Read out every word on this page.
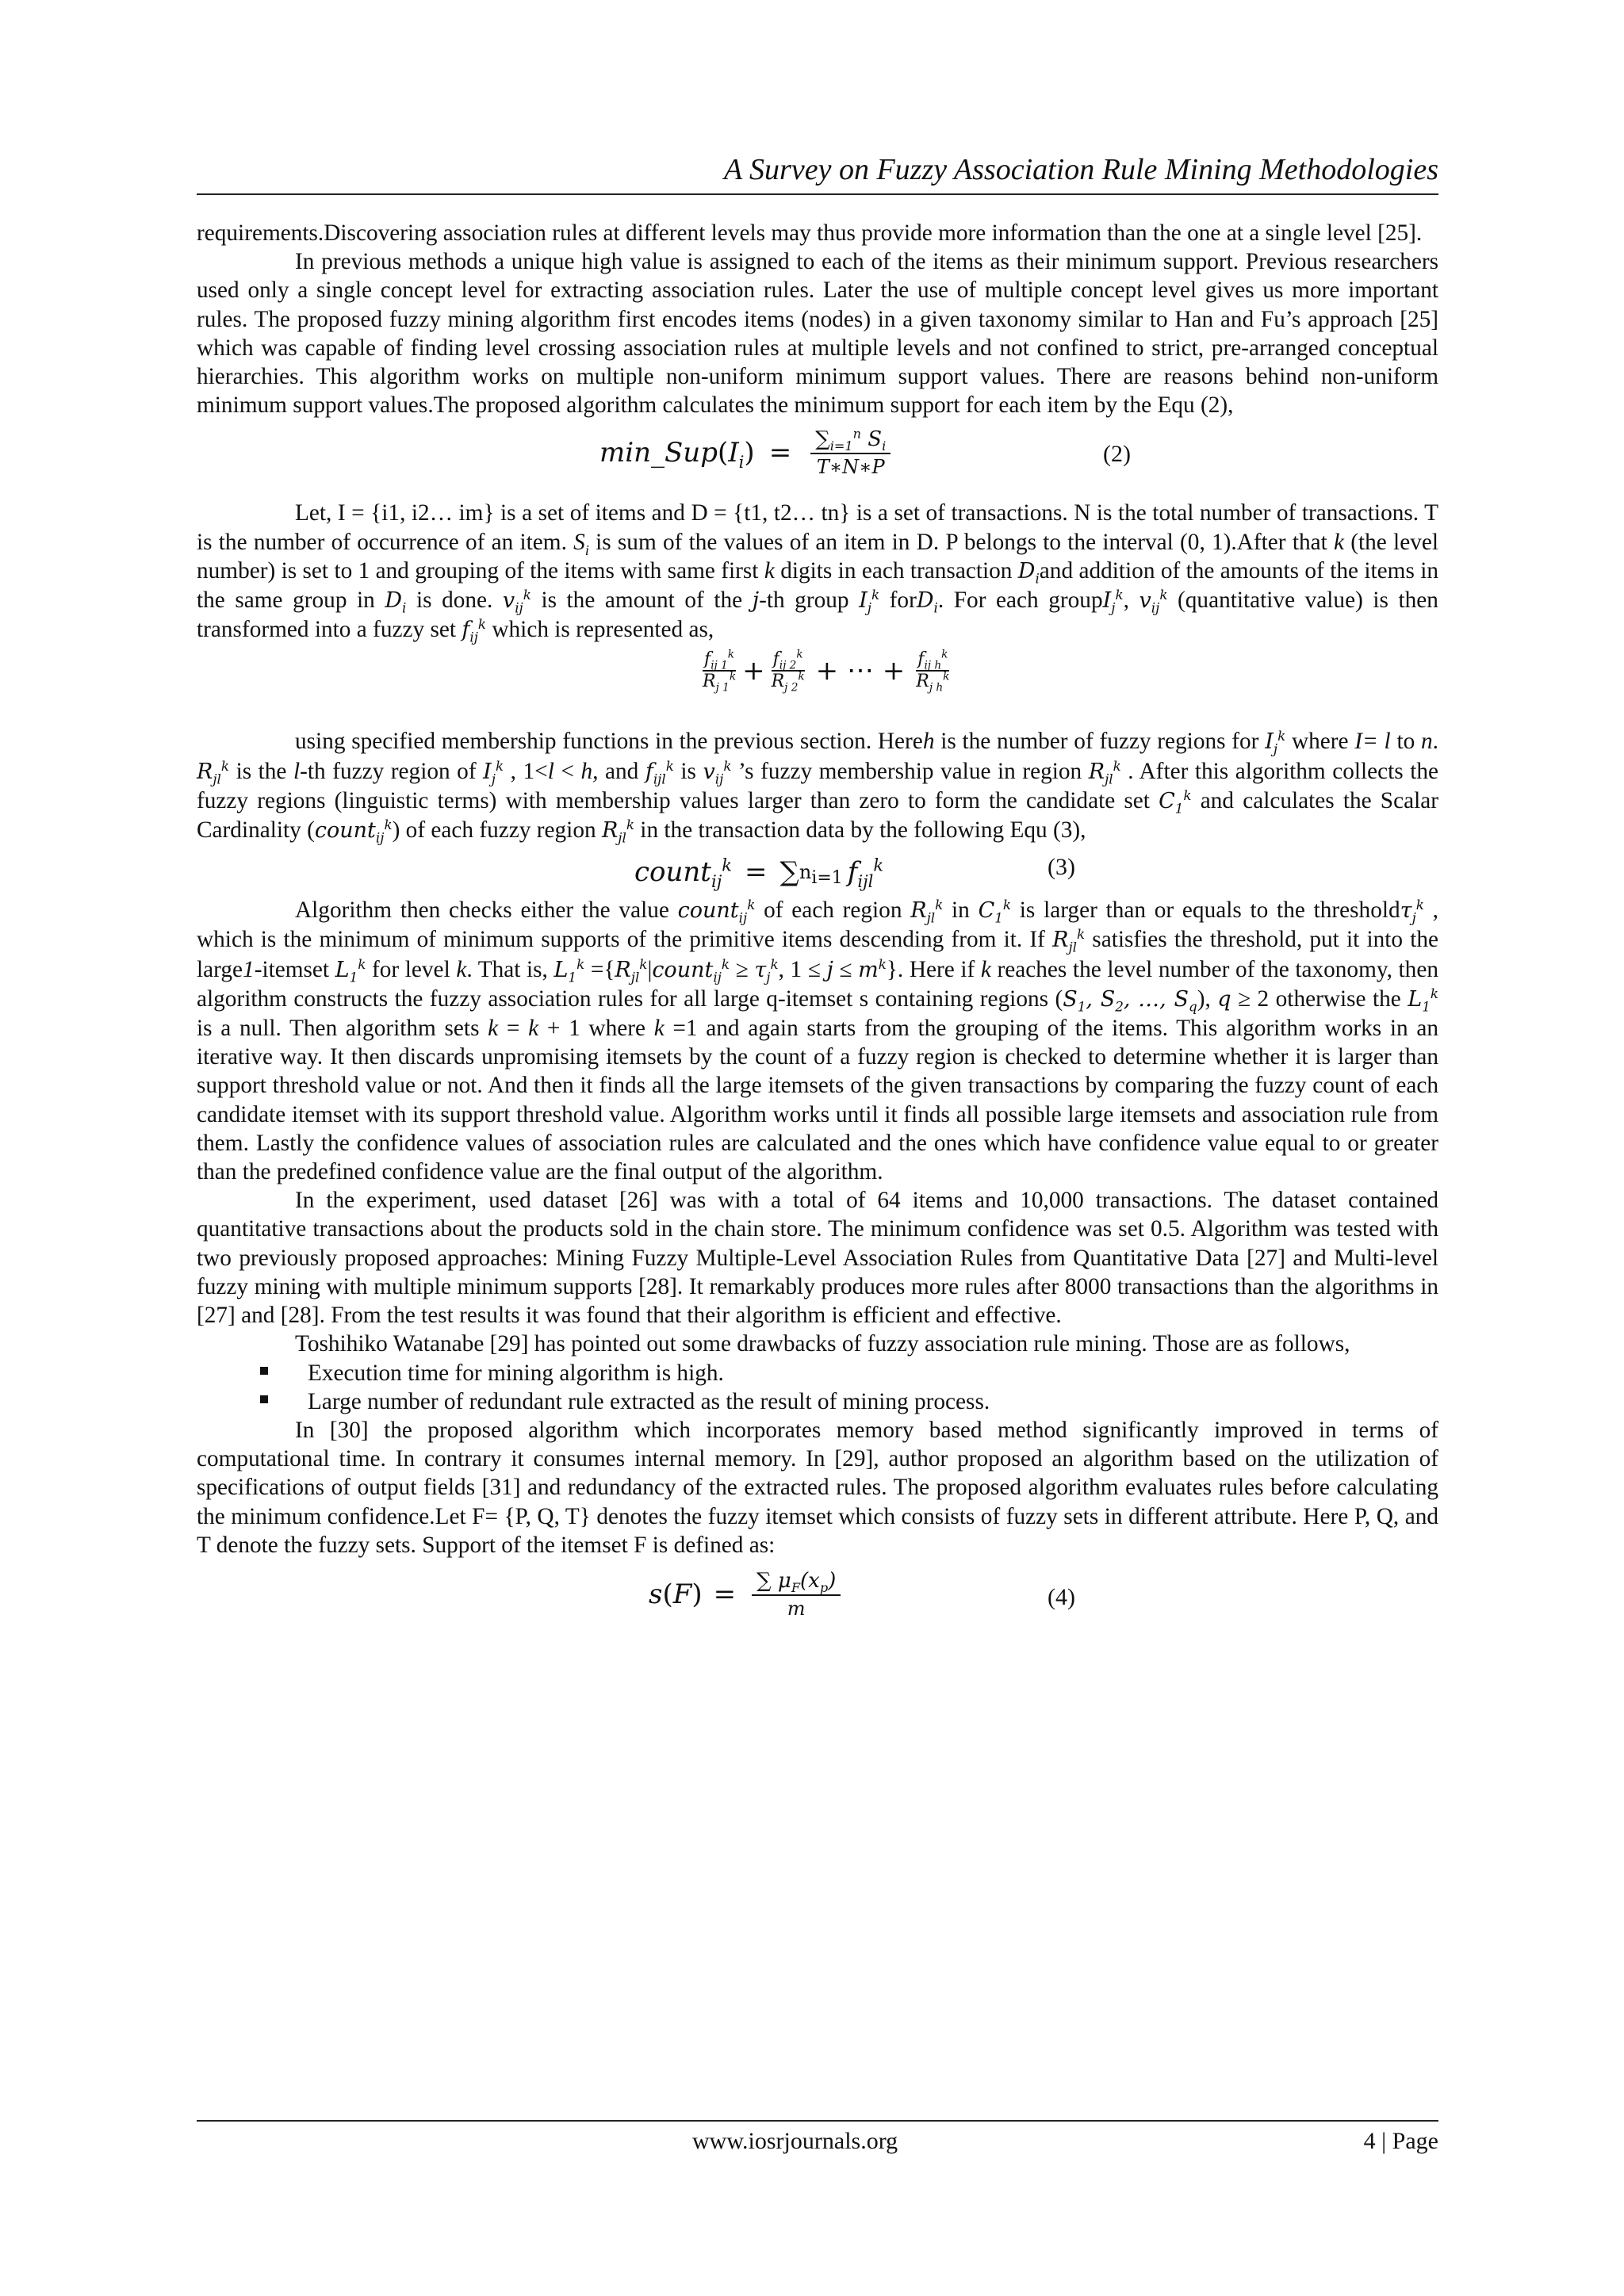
A Survey on Fuzzy Association Rule Mining Methodologies

requirements.Discovering association rules at different levels may thus provide more information than the one at a single level [25].

In previous methods a unique high value is assigned to each of the items as their minimum support. Previous researchers used only a single concept level for extracting association rules. Later the use of multiple concept level gives us more important rules. The proposed fuzzy mining algorithm first encodes items (nodes) in a given taxonomy similar to Han and Fu’s approach [25] which was capable of finding level crossing association rules at multiple levels and not confined to strict, pre-arranged conceptual hierarchies. This algorithm works on multiple non-uniform minimum support values. There are reasons behind non-uniform minimum support values.The proposed algorithm calculates the minimum support for each item by the Equ (2),

min_Sup ( $I_i$ ) = $\frac{\sum_{i=1}^n S_i}{T∗N∗P}$	(2)

Let, I = {i1, i2… im} is a set of items and D = {t1, t2… tn} is a set of transactions. N is the total number of transactions. T is the number of occurrence of an item. $S_i$ is sum of the values of an item in D. P belongs to the interval (0, 1).After that k (the level number) is set to 1 and grouping of the items with same first k digits in each transaction $D_iand$ addition of the amounts of the items in the same group in $D_i$ is done. $v_{ij}^k$ is the amount of the j-th group $I_j^k$ forD$_i$. For each groupI$_j^k$, $v_{ij}^k$ (quantitative value) is then transformed into a fuzzy set $f_{ij}^k$ which is represented as,

$\frac{f_{ij 1}^k}{R_{j 1}^k} + \frac{f_{ij 2}^k}{R_{j 2}^k}$ + ⋯ + $\frac{f_{ij h}^k}{R_{j h}^k}$

using specified membership functions in the previous section. Hereh is the number of fuzzy regions for $I_j^k$ where I= l to n. $R_{jl}^k$ is the l-th fuzzy region of $I_j^k$ , 1<l < h, and $f_{ijl}^k$ is $v_{ij}^k$ ’s fuzzy membership value in region $R_{jl}^k$ . After this algorithm collects the fuzzy regions (linguistic terms) with membership values larger than zero to form the candidate set $C_1^k$ and calculates the Scalar Cardinality (count$_{ij}^k$) of each fuzzy region $R_{jl}^k$ in the transaction data by the following Equ (3),

count$_{ij}^k$ = ∑ n i=1 $f_{ijl}^k$	(3)

Algorithm then checks either the value count$_{ij}^k$ of each region $R_{jl}^k$ in $C_1^k$ is larger than or equals to the thresholdτ$_j^k$ , which is the minimum of minimum supports of the primitive items descending from it. If $R_{jl}^k$ satisfies the threshold, put it into the large1-itemset $L_1^k$ for level k. That is, $L_1^k$ $=\{R_{jl}^k|count_{ij}^k \ge \tau_j^k$, $1 \le j \le m^k$}. Here if k reaches the level number of the taxonomy, then algorithm constructs the fuzzy association rules for all large q-itemset s containing regions ($S_1$, $S_2$, …, $S_q$), q ≥ 2 otherwise the $L_1^k$ is a null. Then algorithm sets k = k + 1 where k =1 and again starts from the grouping of the items. This algorithm works in an iterative way. It then discards unpromising itemsets by the count of a fuzzy region is checked to determine whether it is larger than support threshold value or not. And then it finds all the large itemsets of the given transactions by comparing the fuzzy count of each candidate itemset with its support threshold value. Algorithm works until it finds all possible large itemsets and association rule from them. Lastly the confidence values of association rules are calculated and the ones which have confidence value equal to or greater than the predefined confidence value are the final output of the algorithm.

In the experiment, used dataset [26] was with a total of 64 items and 10,000 transactions. The dataset contained quantitative transactions about the products sold in the chain store. The minimum confidence was set 0.5. Algorithm was tested with two previously proposed approaches: Mining Fuzzy Multiple-Level Association Rules from Quantitative Data [27] and Multi-level fuzzy mining with multiple minimum supports [28]. It remarkably produces more rules after 8000 transactions than the algorithms in [27] and [28]. From the test results it was found that their algorithm is efficient and effective.

Toshihiko Watanabe [29] has pointed out some drawbacks of fuzzy association rule mining. Those are as follows,

Execution time for mining algorithm is high.
Large number of redundant rule extracted as the result of mining process.

In [30] the proposed algorithm which incorporates memory based method significantly improved in terms of computational time. In contrary it consumes internal memory. In [29], author proposed an algorithm based on the utilization of specifications of output fields [31] and redundancy of the extracted rules. The proposed algorithm evaluates rules before calculating the minimum confidence.Let F= {P, Q, T} denotes the fuzzy itemset which consists of fuzzy sets in different attribute. Here P, Q, and T denote the fuzzy sets. Support of the itemset F is defined as:

s ( F ) = $\frac{\sum \mu_F(x_p)}{m}$	(4)
www.iosrjournals.org	4 | Page
